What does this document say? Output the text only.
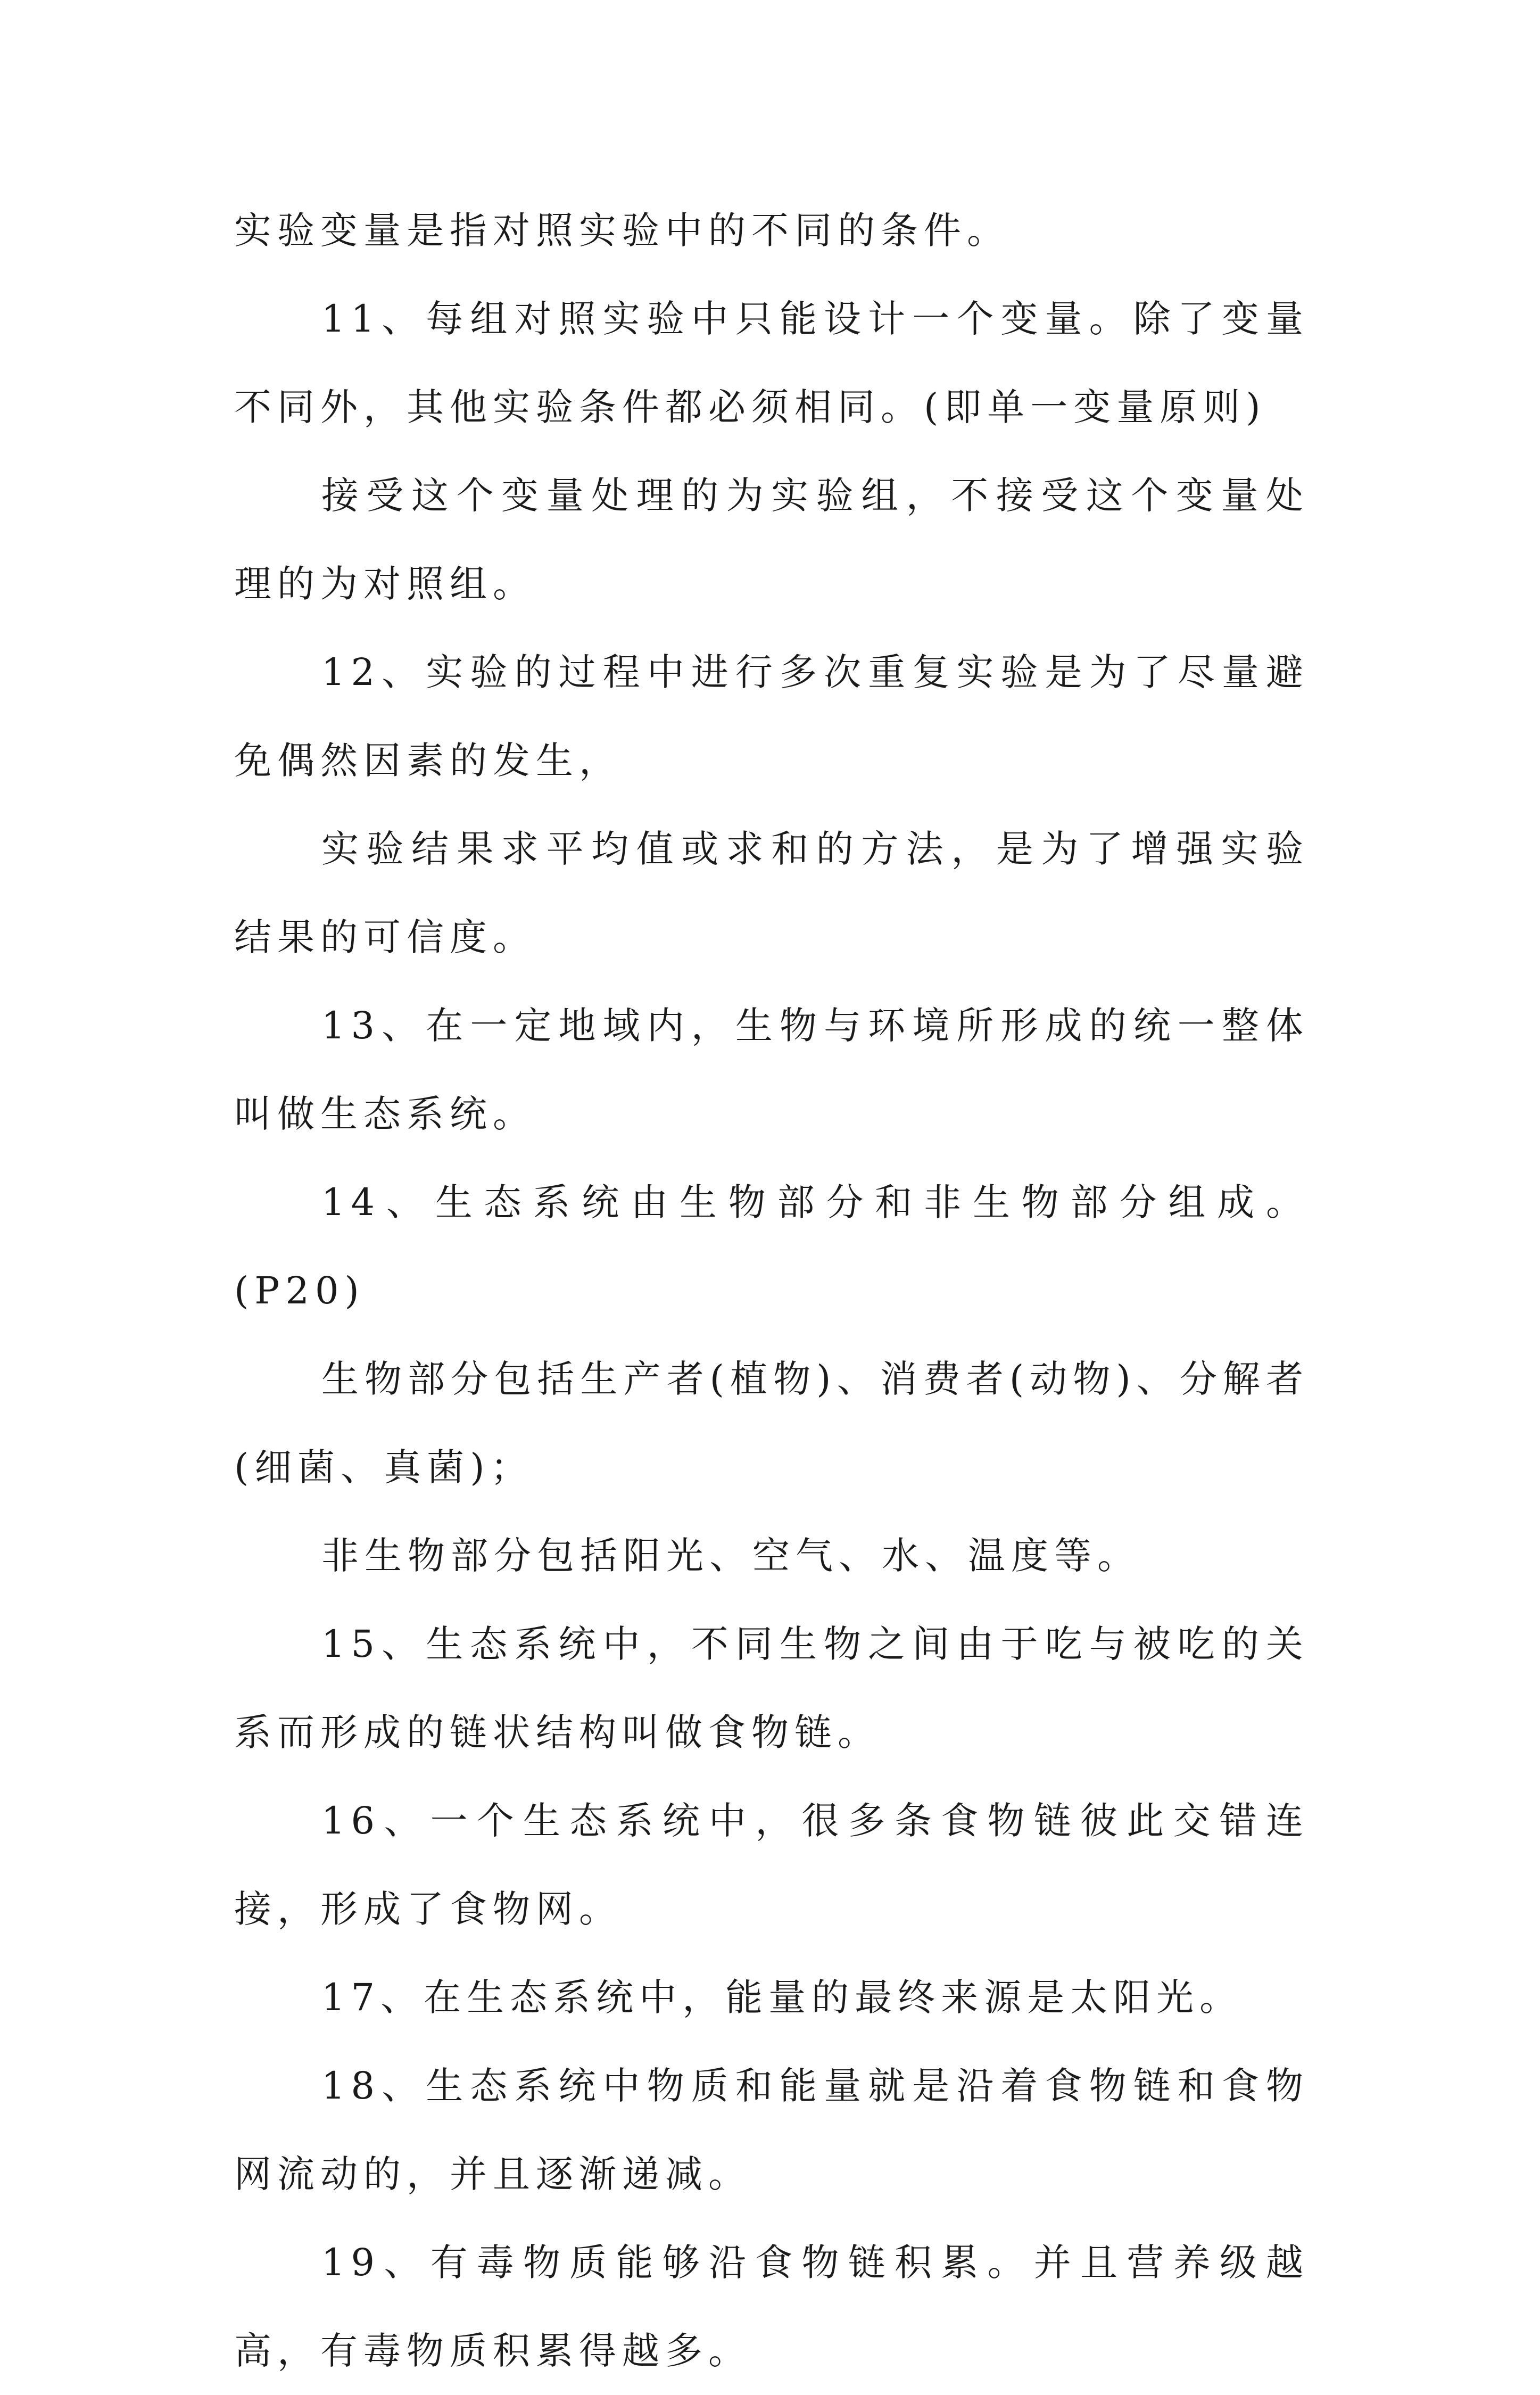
实验变量是指对照实验中的不同的条件。

11、每组对照实验中只能设计一个变量。除了变量不同外，其他实验条件都必须相同。(即单一变量原则)

接受这个变量处理的为实验组，不接受这个变量处理的为对照组。

12、实验的过程中进行多次重复实验是为了尽量避免偶然因素的发生，

实验结果求平均值或求和的方法，是为了增强实验结果的可信度。

13、在一定地域内，生物与环境所形成的统一整体叫做生态系统。

14、生态系统由生物部分和非生物部分组成。(P20)

生物部分包括生产者(植物)、消费者(动物)、分解者(细菌、真菌)；

非生物部分包括阳光、空气、水、温度等。

15、生态系统中，不同生物之间由于吃与被吃的关系而形成的链状结构叫做食物链。

16、一个生态系统中，很多条食物链彼此交错连接，形成了食物网。

17、在生态系统中，能量的最终来源是太阳光。

18、生态系统中物质和能量就是沿着食物链和食物网流动的，并且逐渐递减。

19、有毒物质能够沿食物链积累。并且营养级越高，有毒物质积累得越多。
